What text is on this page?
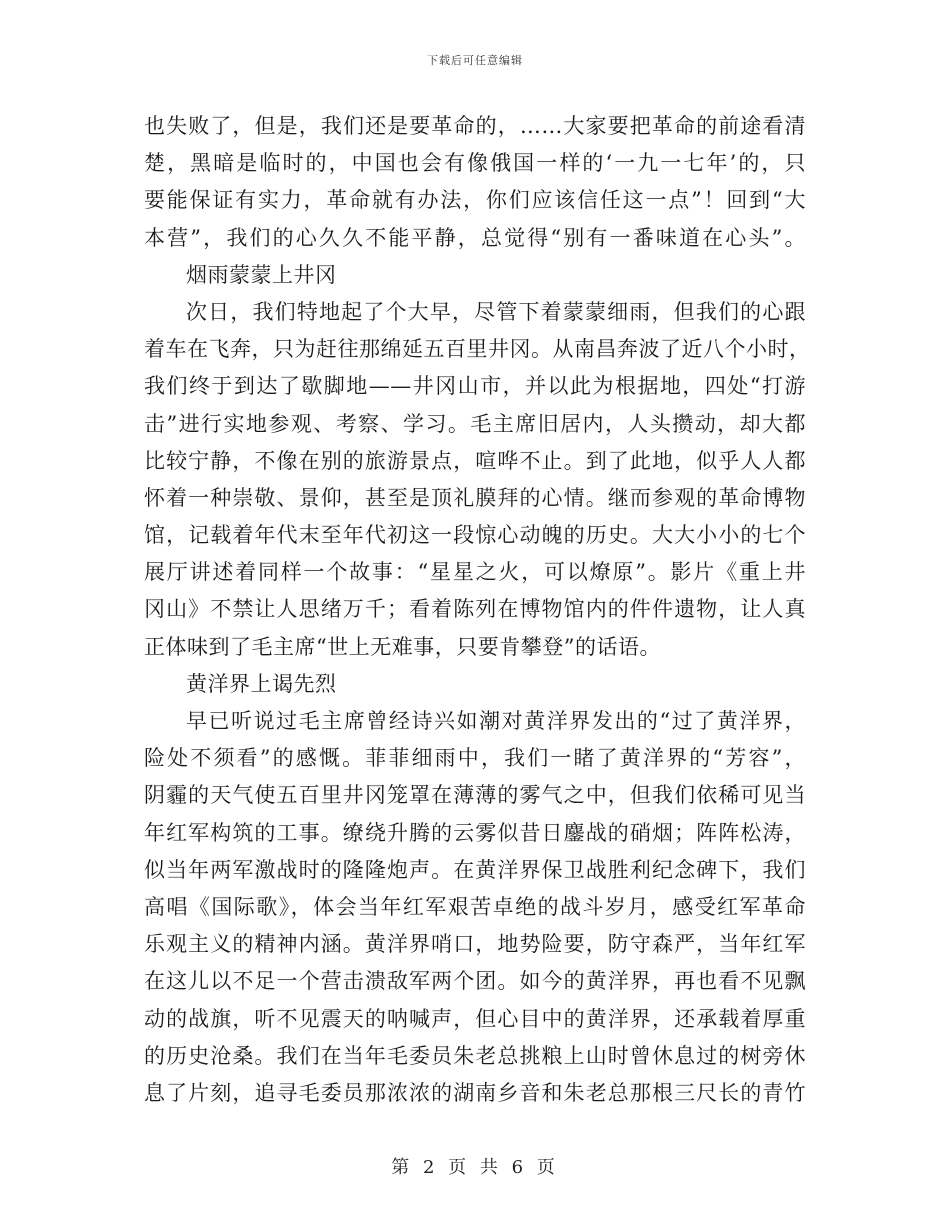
下载后可任意编辑
也失败了，但是，我们还是要革命的，……大家要把革命的前途看清
楚，黑暗是临时的，中国也会有像俄国一样的‘一九一七年’的，只
要能保证有实力，革命就有办法，你们应该信任这一点”！回到“大
本营”，我们的心久久不能平静，总觉得“别有一番味道在心头”。
烟雨蒙蒙上井冈
次日，我们特地起了个大早，尽管下着蒙蒙细雨，但我们的心跟
着车在飞奔，只为赶往那绵延五百里井冈。从南昌奔波了近八个小时，
我们终于到达了歇脚地——井冈山市，并以此为根据地，四处“打游
击”进行实地参观、考察、学习。毛主席旧居内，人头攒动，却大都
比较宁静，不像在别的旅游景点，喧哗不止。到了此地，似乎人人都
怀着一种崇敬、景仰，甚至是顶礼膜拜的心情。继而参观的革命博物
馆，记载着年代末至年代初这一段惊心动魄的历史。大大小小的七个
展厅讲述着同样一个故事：“星星之火，可以燎原”。影片《重上井
冈山》不禁让人思绪万千；看着陈列在博物馆内的件件遗物，让人真
正体味到了毛主席“世上无难事，只要肯攀登”的话语。
黄洋界上谒先烈
早已听说过毛主席曾经诗兴如潮对黄洋界发出的“过了黄洋界，
险处不须看”的感慨。菲菲细雨中，我们一睹了黄洋界的“芳容”，
阴霾的天气使五百里井冈笼罩在薄薄的雾气之中，但我们依稀可见当
年红军构筑的工事。缭绕升腾的云雾似昔日鏖战的硝烟；阵阵松涛，
似当年两军激战时的隆隆炮声。在黄洋界保卫战胜利纪念碑下，我们
高唱《国际歌》，体会当年红军艰苦卓绝的战斗岁月，感受红军革命
乐观主义的精神内涵。黄洋界哨口，地势险要，防守森严，当年红军
在这儿以不足一个营击溃敌军两个团。如今的黄洋界，再也看不见飘
动的战旗，听不见震天的呐喊声，但心目中的黄洋界，还承载着厚重
的历史沧桑。我们在当年毛委员朱老总挑粮上山时曾休息过的树旁休
息了片刻，追寻毛委员那浓浓的湖南乡音和朱老总那根三尺长的青竹
第 2 页 共 6 页
